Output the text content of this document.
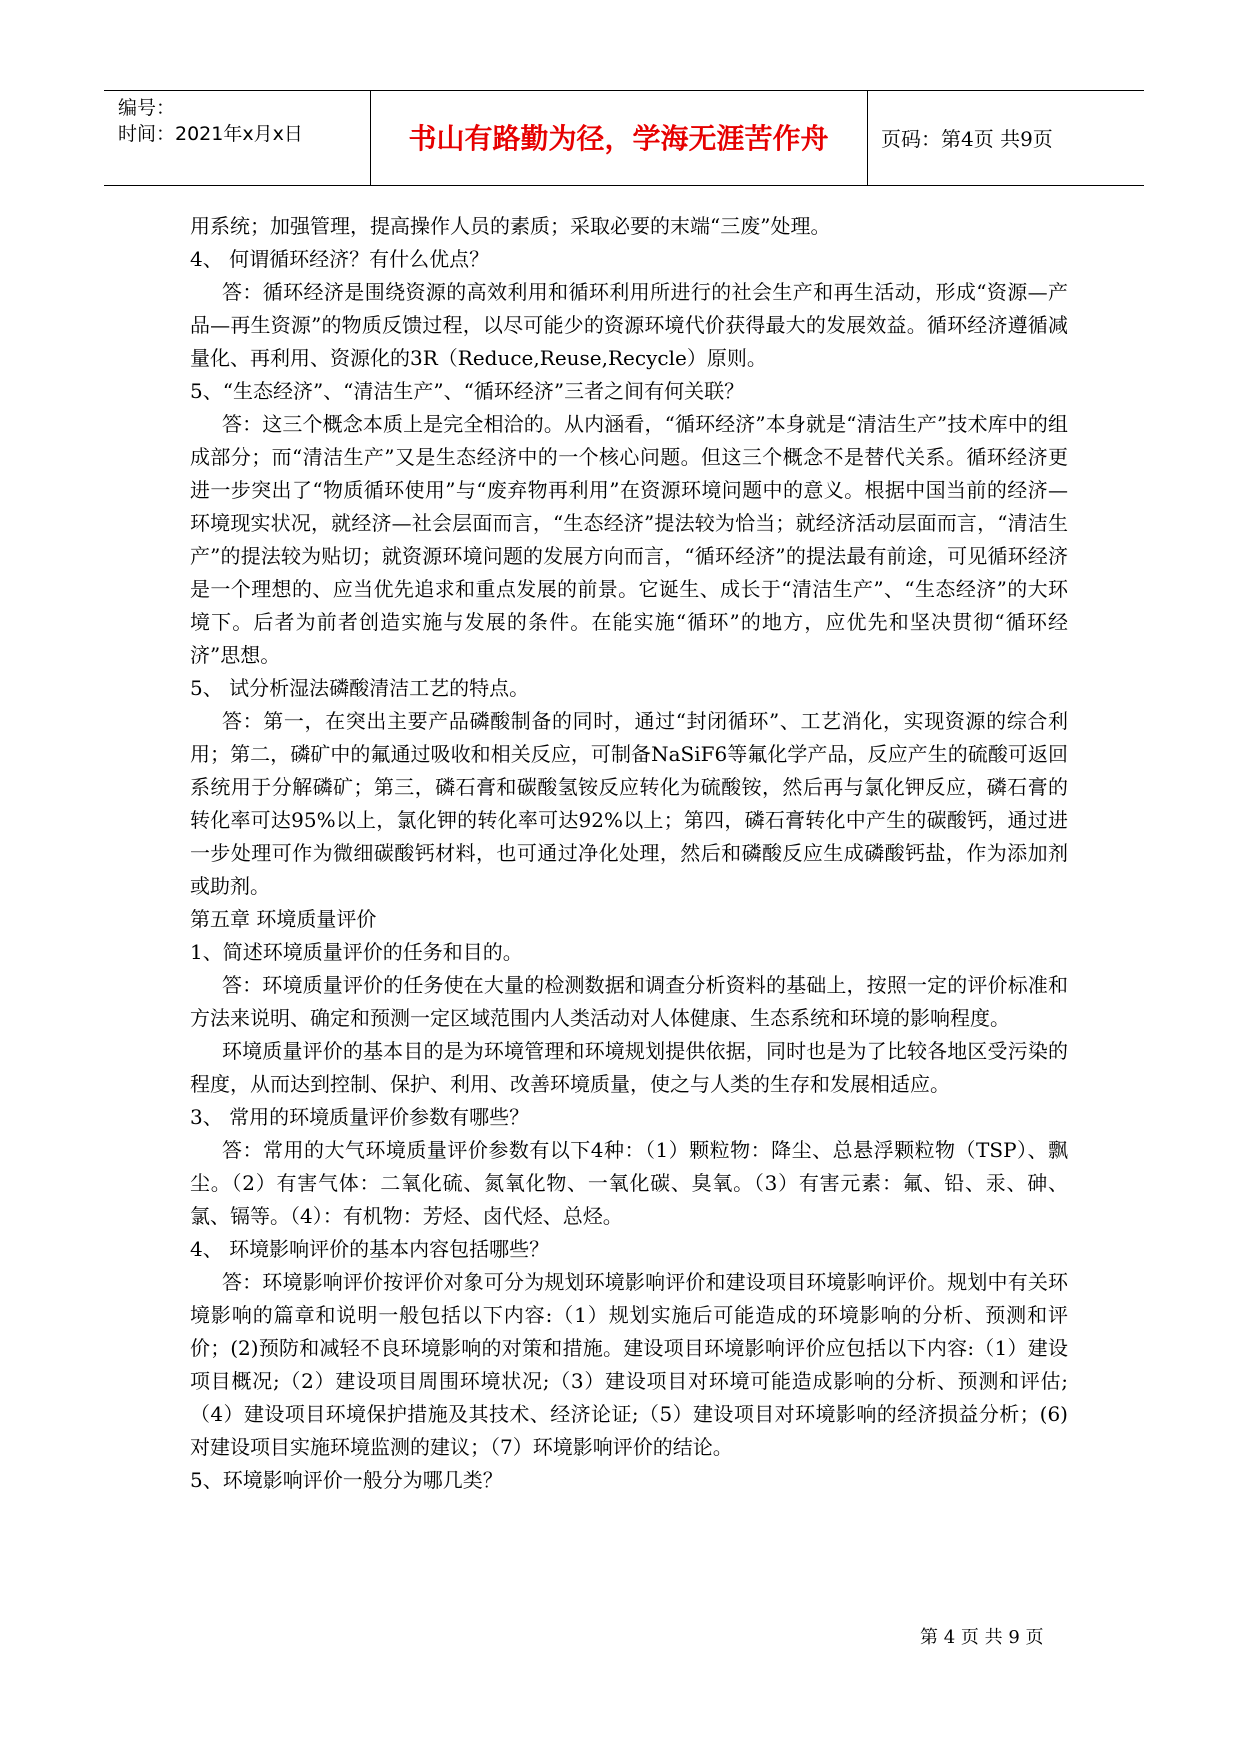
编号：
时间：2021年x月x日	书山有路勤为径，学海无涯苦作舟	页码：第4页 共9页

用系统；加强管理，提高操作人员的素质；采取必要的末端“三废”处理。

4、 何谓循环经济？有什么优点？

答：循环经济是围绕资源的高效利用和循环利用所进行的社会生产和再生活动，形成“资源—产品—再生资源”的物质反馈过程，以尽可能少的资源环境代价获得最大的发展效益。循环经济遵循减量化、再利用、资源化的3R（Reduce,Reuse,Recycle）原则。

5、“生态经济”、“清洁生产”、“循环经济”三者之间有何关联？

答：这三个概念本质上是完全相洽的。从内涵看，“循环经济”本身就是“清洁生产”技术库中的组成部分；而“清洁生产”又是生态经济中的一个核心问题。但这三个概念不是替代关系。循环经济更进一步突出了“物质循环使用”与“废弃物再利用”在资源环境问题中的意义。根据中国当前的经济—环境现实状况，就经济—社会层面而言，“生态经济”提法较为恰当；就经济活动层面而言，“清洁生产”的提法较为贴切；就资源环境问题的发展方向而言，“循环经济”的提法最有前途，可见循环经济是一个理想的、应当优先追求和重点发展的前景。它诞生、成长于“清洁生产”、“生态经济”的大环境下。后者为前者创造实施与发展的条件。在能实施“循环”的地方，应优先和坚决贯彻“循环经济”思想。

5、 试分析湿法磷酸清洁工艺的特点。

答：第一，在突出主要产品磷酸制备的同时，通过“封闭循环”、工艺消化，实现资源的综合利用；第二，磷矿中的氟通过吸收和相关反应，可制备NaSiF6等氟化学产品，反应产生的硫酸可返回系统用于分解磷矿；第三，磷石膏和碳酸氢铵反应转化为硫酸铵，然后再与氯化钾反应，磷石膏的转化率可达95%以上，氯化钾的转化率可达92%以上；第四，磷石膏转化中产生的碳酸钙，通过进一步处理可作为微细碳酸钙材料，也可通过净化处理，然后和磷酸反应生成磷酸钙盐，作为添加剂或助剂。

第五章 环境质量评价

1、简述环境质量评价的任务和目的。

答：环境质量评价的任务使在大量的检测数据和调查分析资料的基础上，按照一定的评价标准和方法来说明、确定和预测一定区域范围内人类活动对人体健康、生态系统和环境的影响程度。

环境质量评价的基本目的是为环境管理和环境规划提供依据，同时也是为了比较各地区受污染的程度，从而达到控制、保护、利用、改善环境质量，使之与人类的生存和发展相适应。

3、 常用的环境质量评价参数有哪些？

答：常用的大气环境质量评价参数有以下4种：（1）颗粒物：降尘、总悬浮颗粒物（TSP）、飘尘。（2）有害气体：二氧化硫、氮氧化物、一氧化碳、臭氧。（3）有害元素：氟、铅、汞、砷、氯、镉等。（4）：有机物：芳烃、卤代烃、总烃。

4、 环境影响评价的基本内容包括哪些？

答：环境影响评价按评价对象可分为规划环境影响评价和建设项目环境影响评价。规划中有关环境影响的篇章和说明一般包括以下内容:（1）规划实施后可能造成的环境影响的分析、预测和评价；(2)预防和减轻不良环境影响的对策和措施。建设项目环境影响评价应包括以下内容:（1）建设项目概况;（2）建设项目周围环境状况;（3）建设项目对环境可能造成影响的分析、预测和评估;（4）建设项目环境保护措施及其技术、经济论证;（5）建设项目对环境影响的经济损益分析；(6)对建设项目实施环境监测的建议；（7）环境影响评价的结论。

5、环境影响评价一般分为哪几类？

第 4 页 共 9 页
